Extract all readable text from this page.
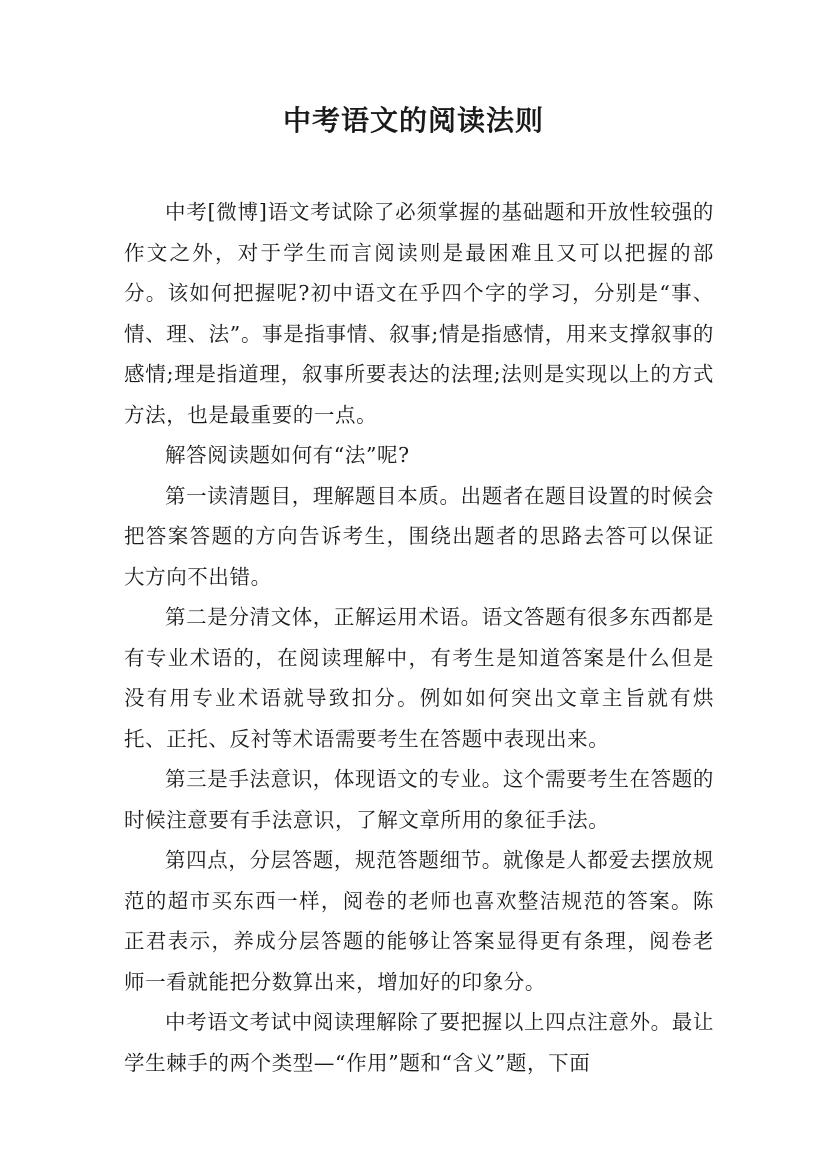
中考语文的阅读法则

中考[微博]语文考试除了必须掌握的基础题和开放性较强的作文之外，对于学生而言阅读则是最困难且又可以把握的部分。该如何把握呢?初中语文在乎四个字的学习，分别是“事、情、理、法”。事是指事情、叙事;情是指感情，用来支撑叙事的感情;理是指道理，叙事所要表达的法理;法则是实现以上的方式方法，也是最重要的一点。

解答阅读题如何有“法”呢?

第一读清题目，理解题目本质。出题者在题目设置的时候会把答案答题的方向告诉考生，围绕出题者的思路去答可以保证大方向不出错。

第二是分清文体，正解运用术语。语文答题有很多东西都是有专业术语的，在阅读理解中，有考生是知道答案是什么但是没有用专业术语就导致扣分。例如如何突出文章主旨就有烘托、正托、反衬等术语需要考生在答题中表现出来。

第三是手法意识，体现语文的专业。这个需要考生在答题的时候注意要有手法意识，了解文章所用的象征手法。

第四点，分层答题，规范答题细节。就像是人都爱去摆放规范的超市买东西一样，阅卷的老师也喜欢整洁规范的答案。陈正君表示，养成分层答题的能够让答案显得更有条理，阅卷老师一看就能把分数算出来，增加好的印象分。

中考语文考试中阅读理解除了要把握以上四点注意外。最让学生棘手的两个类型—“作用”题和“含义”题，下面
